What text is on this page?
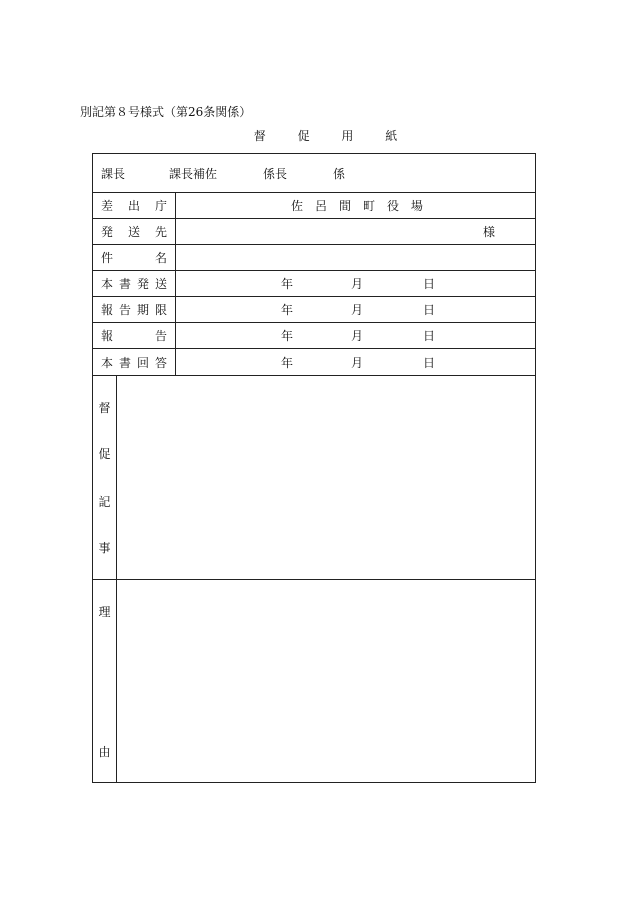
別記第８号様式（第26条関係）
督	促	用	紙
課長	課長補佐	係長	係
差 出 庁	佐 呂 間 町 役 場
発 送 先	様
件	名
本 書 発 送	年	月	日
報 告 期 限	年	月	日
報	告	年	月	日
本 書 回 答	年	月	日
督
促
記
事
理
由
